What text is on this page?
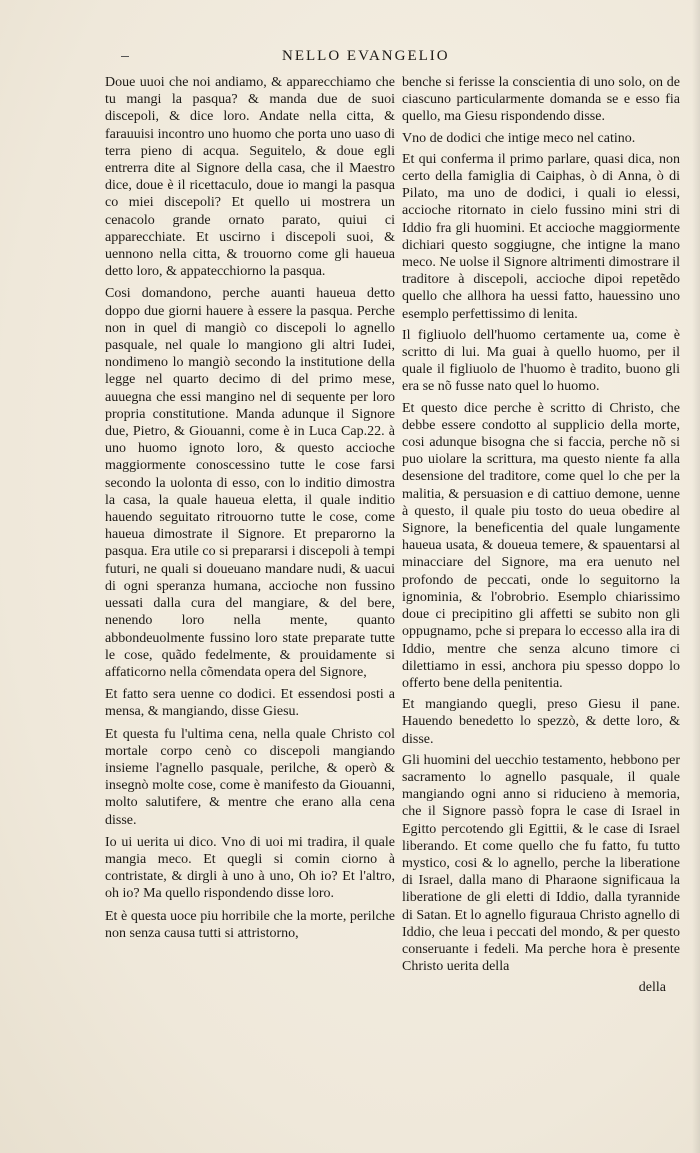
NELLO EVANGELIO

Doue uuoi che noi andiamo, & apparecchiamo che tu mangi la pasqua? & manda due de suoi discepoli, & dice loro. Andate nella citta, & farauuisi incontro uno huomo che porta uno uaso di terra pieno di acqua. Seguitelo, & doue egli entrerra dite al Signore della casa, che il Maestro dice, doue è il ricettaculo, doue io mangi la pasqua co miei discepoli? Et quello ui mostrera un cenacolo grande ornato parato, quiui ci apparecchiate. Et uscirno i discepoli suoi, & uennono nella citta, & trouorno come gli haueua detto loro, & appatecchiorno la pasqua.

Cosi domandono, perche auanti haueua detto doppo due giorni hauere à essere la pasqua. Perche non in quel di mangiò co discepoli lo agnello pasquale, nel quale lo mangiono gli altri Iudei, nondimeno lo mangiò secondo la institutione della legge nel quarto decimo di del primo mese, auuegna che essi mangino nel di sequente per loro propria constitutione. Manda adunque il Signore due, Pietro, & Giouanni, come è in Luca Cap.22. à uno huomo ignoto loro, & questo accioche maggiormente conoscessino tutte le cose farsi secondo la uolonta di esso, con lo inditio dimostra la casa, la quale haueua eletta, il quale inditio hauendo seguitato ritrouorno tutte le cose, come haueua dimostrate il Signore. Et preparorno la pasqua. Era utile co si prepararsi i discepoli à tempi futuri, ne quali si doueuano mandare nudi, & uacui di ogni speranza humana, accioche non fussino uessati dalla cura del mangiare, & del bere, nenendo loro nella mente, quanto abbondeuolmente fussino loro state preparate tutte le cose, quãdo fedelmente, & prouidamente si affaticorno nella cõmendata opera del Signore,

Et fatto sera uenne co dodici. Et essendosi posti a mensa, & mangiando, disse Giesu.

Et questa fu l'ultima cena, nella quale Christo col mortale corpo cenò co discepoli mangiando insieme l'agnello pasquale, perilche, & operò & insegnò molte cose, come è manifesto da Giouanni, molto salutifere, & mentre che erano alla cena disse.

Io ui uerita ui dico. Vno di uoi mi tradira, il quale mangia meco. Et quegli si comin ciorno à contristate, & dirgli à uno à uno, Oh io? Et l'altro, oh io? Ma quello rispondendo disse loro.

Et è questa uoce piu horribile che la morte, perilche non senza causa tutti si attristorno,

benche si ferisse la conscientia di uno solo, on de ciascuno particularmente domanda se e esso fia quello, ma Giesu rispondendo disse.

Vno de dodici che intige meco nel catino.

Et qui conferma il primo parlare, quasi dica, non certo della famiglia di Caiphas, ò di Anna, ò di Pilato, ma uno de dodici, i quali io elessi, accioche ritornato in cielo fussino mini stri di Iddio fra gli huomini. Et accioche maggiormente dichiari questo soggiugne, che intigne la mano meco. Ne uolse il Signore altrimenti dimostrare il traditore à discepoli, accioche dipoi repetẽdo quello che allhora ha uessi fatto, hauessino uno esemplo perfettissimo di lenita.

Il figliuolo dell'huomo certamente ua, come è scritto di lui. Ma guai à quello huomo, per il quale il figliuolo de l'huomo è tradito, buono gli era se nõ fusse nato quel lo huomo.

Et questo dice perche è scritto di Christo, che debbe essere condotto al supplicio della morte, cosi adunque bisogna che si faccia, perche nõ si puo uiolare la scrittura, ma questo niente fa alla desensione del traditore, come quel lo che per la malitia, & persuasion e di cattiuo demone, uenne à questo, il quale piu tosto do ueua obedire al Signore, la beneficentia del quale lungamente haueua usata, & doueua temere, & spauentarsi al minacciare del Signore, ma era uenuto nel profondo de peccati, onde lo seguitorno la ignominia, & l'obrobrio. Esemplo chiarissimo doue ci precipitino gli affetti se subito non gli oppugnamo, pche si prepara lo eccesso alla ira di Iddio, mentre che senza alcuno timore ci dilettiamo in essi, anchora piu spesso doppo lo offerto bene della penitentia.

Et mangiando quegli, preso Giesu il pane. Hauendo benedetto lo spezzò, & dette loro, & disse.

Gli huomini del uecchio testamento, hebbono per sacramento lo agnello pasquale, il quale mangiando ogni anno si riducieno à memoria, che il Signore passò fopra le case di Israel in Egitto percotendo gli Egittii, & le case di Israel liberando. Et come quello che fu fatto, fu tutto mystico, cosi & lo agnello, perche la liberatione di Israel, dalla mano di Pharaone significaua la liberatione de gli eletti di Iddio, dalla tyrannide di Satan. Et lo agnello figuraua Christo agnello di Iddio, che leua i peccati del mondo, & per questo conseruante i fedeli. Ma perche hora è presente Christo uerita della

della
